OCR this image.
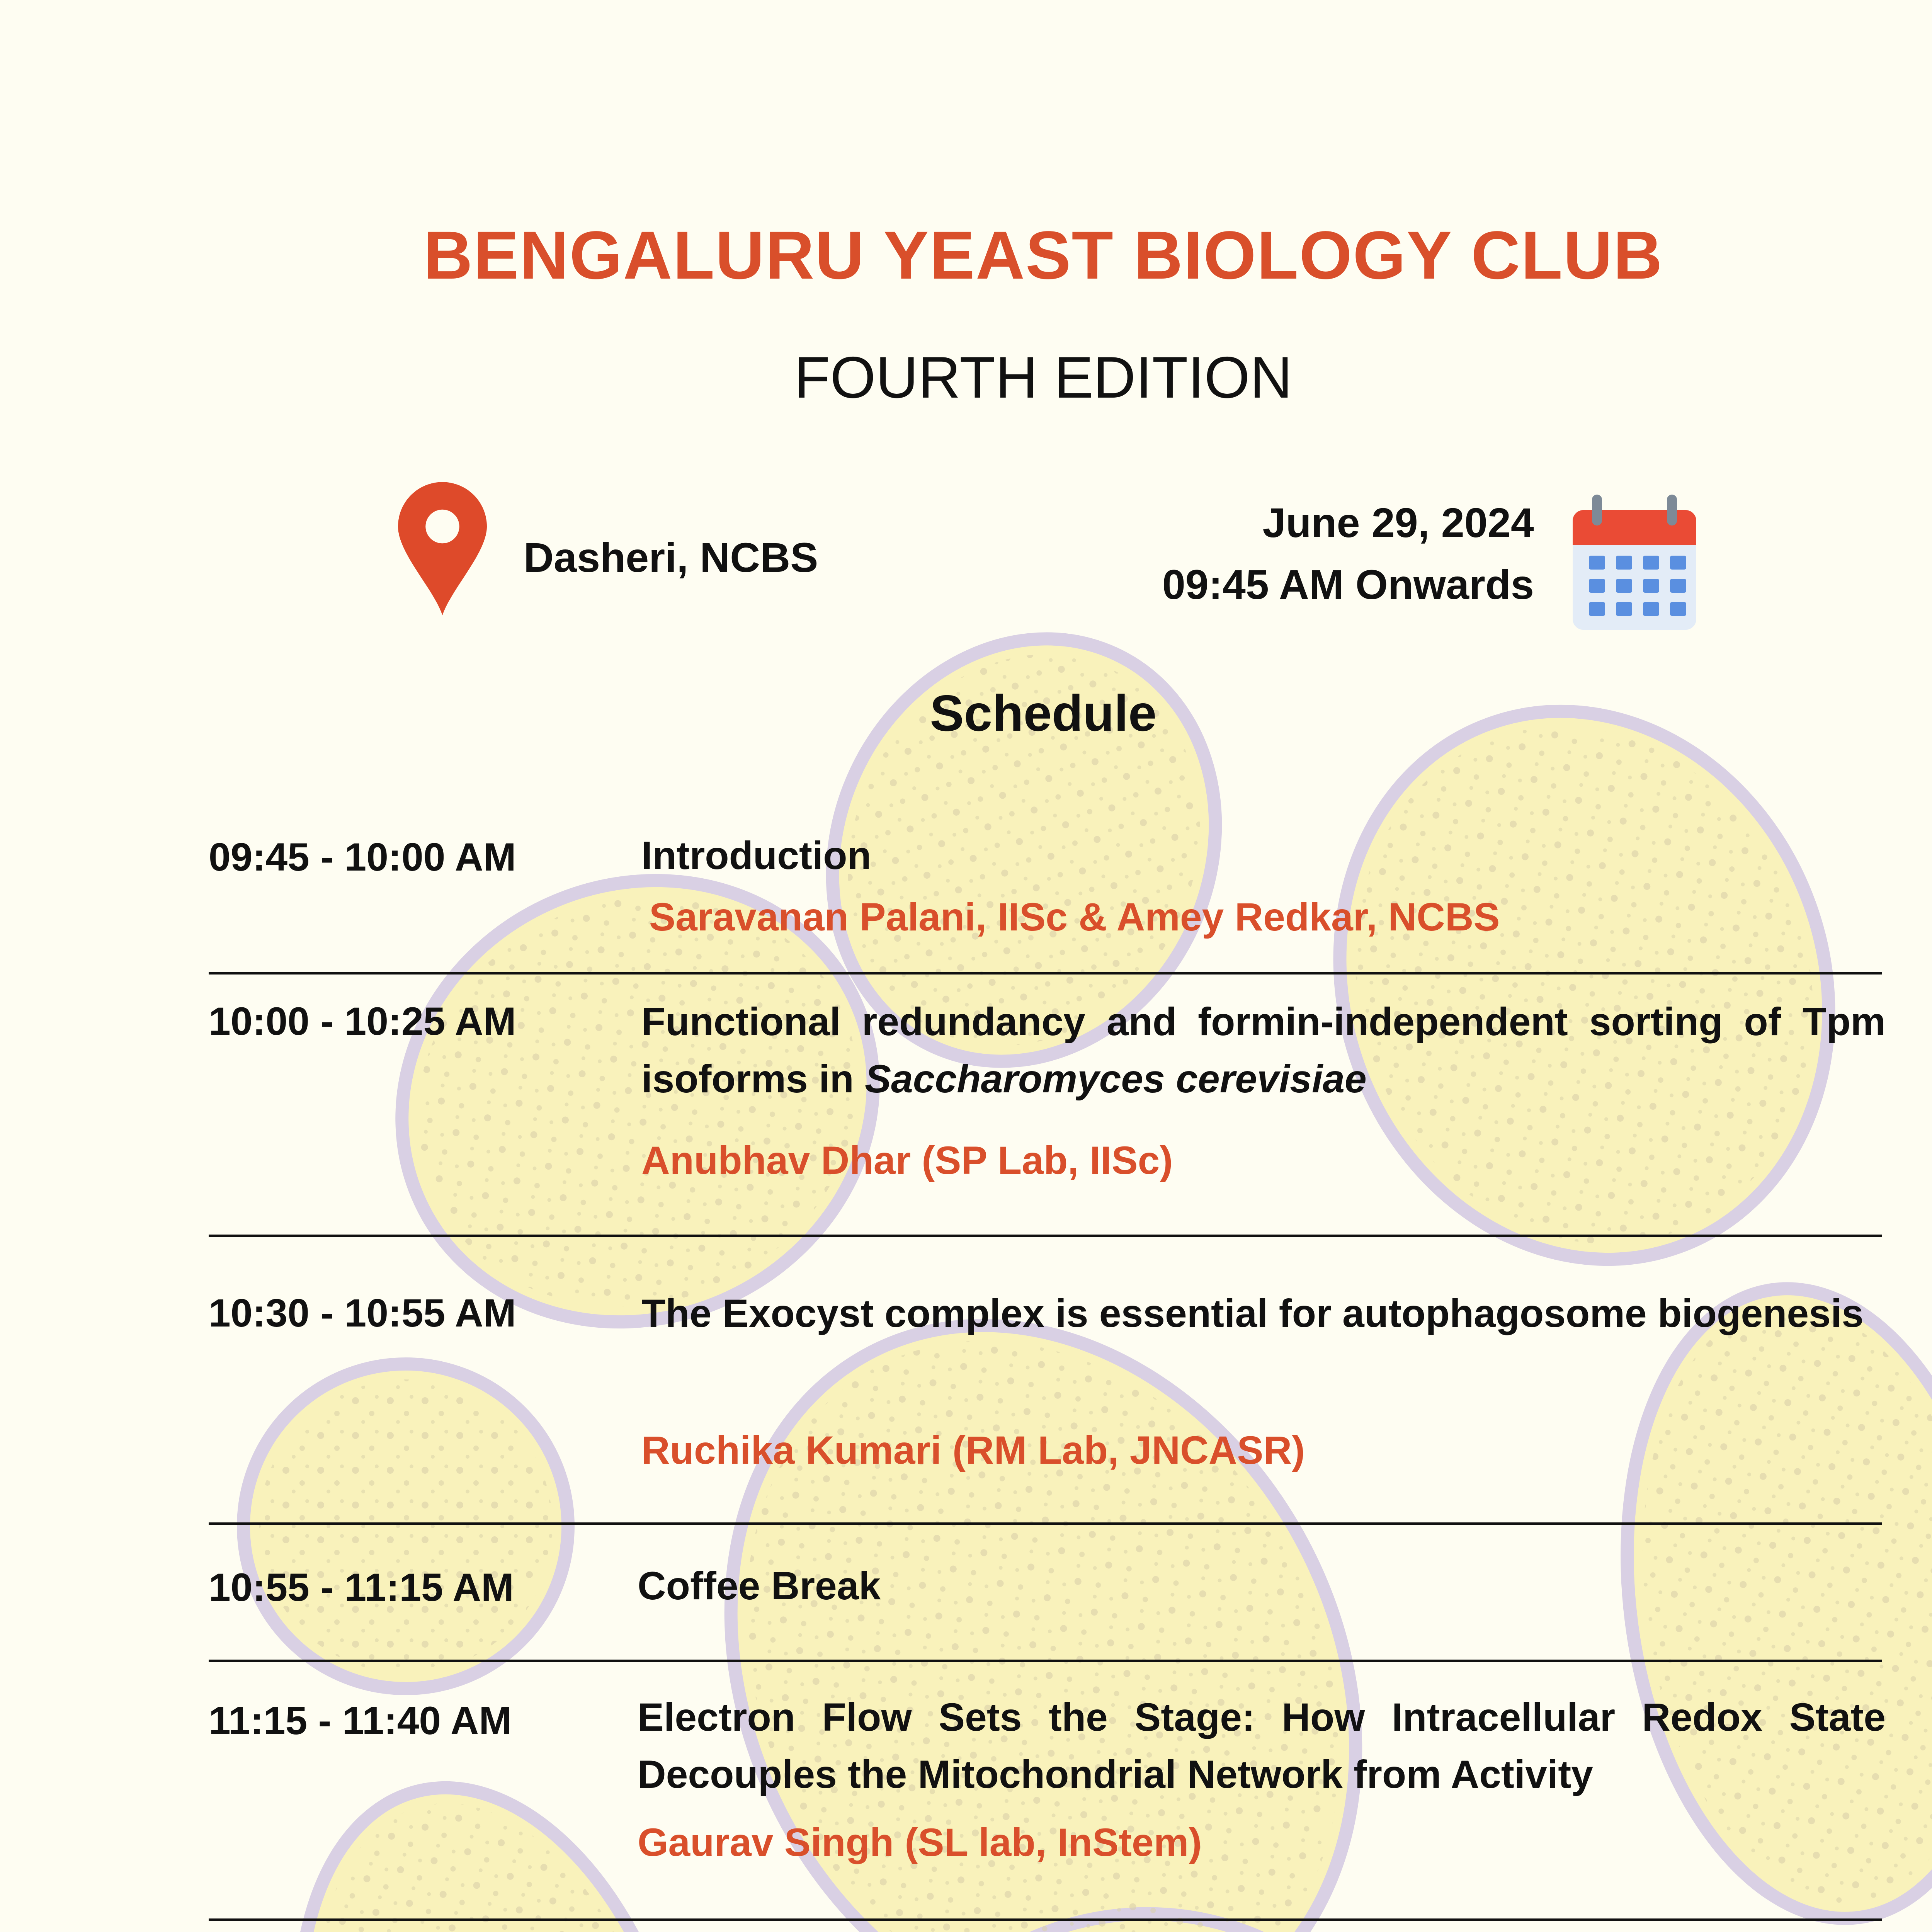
BENGALURU YEAST BIOLOGY CLUB
FOURTH EDITION
Dasheri, NCBS
June 29, 2024
09:45 AM Onwards
Schedule
09:45 - 10:00 AM	Introduction
Saravanan Palani, IISc & Amey Redkar, NCBS
10:00 - 10:25 AM	Functional redundancy and formin-independent sorting of Tpm isoforms in Saccharomyces cerevisiae
Anubhav Dhar (SP Lab, IISc)
10:30 - 10:55 AM	The Exocyst complex is essential for autophagosome biogenesis
Ruchika Kumari (RM Lab, JNCASR)
10:55 - 11:15 AM	Coffee Break
11:15 - 11:40 AM	Electron Flow Sets the Stage: How Intracellular Redox State Decouples the Mitochondrial Network from Activity
Gaurav Singh (SL lab, InStem)
